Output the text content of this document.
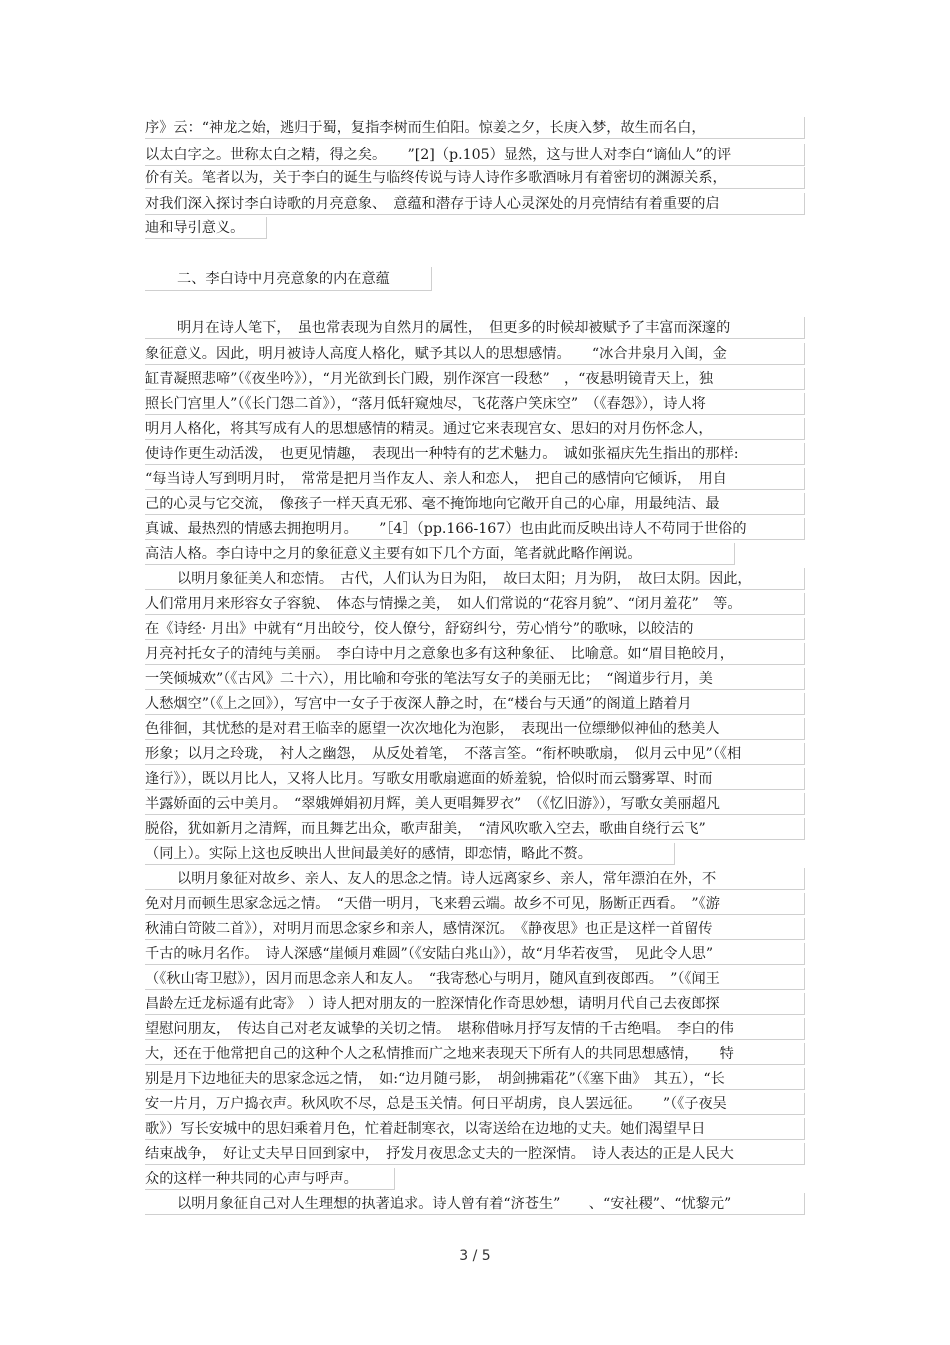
序》云：“神龙之始，逃归于蜀，复指李树而生伯阳。惊姜之夕，长庚入梦，故生而名白，
以太白字之。世称太白之精，得之矣。　　”[2]（p.105）显然，这与世人对李白“谪仙人”的评
价有关。笔者以为，关于李白的诞生与临终传说与诗人诗作多歌酒咏月有着密切的渊源关系，
对我们深入探讨李白诗歌的月亮意象、　意蕴和潜存于诗人心灵深处的月亮情结有着重要的启
迪和导引意义。
二、李白诗中月亮意象的内在意蕴
明月在诗人笔下，　虽也常表现为自然月的属性，　但更多的时候却被赋予了丰富而深邃的
象征意义。因此，明月被诗人高度人格化，赋予其以人的思想感情。　　“冰合井泉月入闺，金
缸青凝照悲啼”（《夜坐吟》），“月光欲到长门殿，别作深宫一段愁”　，“夜悬明镜青天上，独
照长门宫里人”（《长门怨二首》），“落月低轩窥烛尽，飞花落户笑床空”　（《春怨》），诗人将
明月人格化，将其写成有人的思想感情的精灵。通过它来表现宫女、思妇的对月伤怀念人，
使诗作更生动活泼，　也更见情趣，　表现出一种特有的艺术魅力。　诚如张福庆先生指出的那样:
“每当诗人写到明月时，　常常是把月当作友人、亲人和恋人，　把自己的感情向它倾诉，　用自
己的心灵与它交流，　像孩子一样天真无邪、毫不掩饰地向它敞开自己的心扉，用最纯洁、最
真诚、最热烈的情感去拥抱明月。　　”［4］（pp.166-167）也由此而反映出诗人不苟同于世俗的
高洁人格。李白诗中之月的象征意义主要有如下几个方面，笔者就此略作阐说。
以明月象征美人和恋情。　古代，人们认为日为阳，　故曰太阳；月为阴，　故曰太阴。因此，
人们常用月来形容女子容貌、　体态与情操之美，　如人们常说的“花容月貌”、“闭月羞花”　等。
在《诗经· 月出》中就有“月出皎兮，佼人僚兮，舒窈纠兮，劳心悄兮”的歌咏，以皎洁的
月亮衬托女子的清纯与美丽。　李白诗中月之意象也多有这种象征、　比喻意。如“眉目艳皎月，
一笑倾城欢”（《古风》二十六），用比喻和夸张的笔法写女子的美丽无比；　“阁道步行月，美
人愁烟空”（《上之回》），写宫中一女子于夜深人静之时，在“楼台与天通”的阁道上踏着月
色徘徊，其忧愁的是对君王临幸的愿望一次次地化为泡影，　表现出一位缥缈似神仙的愁美人
形象；以月之玲珑，　衬人之幽怨，　从反处着笔，　不落言筌。“衔杯映歌扇，　似月云中见”（《相
逢行》），既以月比人，又将人比月。写歌女用歌扇遮面的娇羞貌，恰似时而云翳雾罩、时而
半露娇面的云中美月。　“翠娥婵娟初月辉，美人更唱舞罗衣”　（《忆旧游》），写歌女美丽超凡
脱俗，犹如新月之清辉，而且舞艺出众，歌声甜美，　“清风吹歌入空去，歌曲自绕行云飞”
（同上）。实际上这也反映出人世间最美好的感情，即恋情，略此不赘。
以明月象征对故乡、亲人、友人的思念之情。诗人远离家乡、亲人，常年漂泊在外，不
免对月而顿生思家念远之情。　“天借一明月，飞来碧云端。故乡不可见，肠断正西看。　”《游
秋浦白笴陂二首》），对明月而思念家乡和亲人，感情深沉。　《静夜思》也正是这样一首留传
千古的咏月名作。　诗人深感“崖倾月难圆”（《安陆白兆山》），故“月华若夜雪，　见此令人思”
（《秋山寄卫慰》），因月而思念亲人和友人。　“我寄愁心与明月，随风直到夜郎西。　”（《闻王
昌龄左迁龙标遥有此寄》　）诗人把对朋友的一腔深情化作奇思妙想，请明月代自己去夜郎探
望慰问朋友，　传达自己对老友诚挚的关切之情。　堪称借咏月抒写友情的千古绝唱。　李白的伟
大，还在于他常把自己的这种个人之私情推而广之地来表现天下所有人的共同思想感情，　　特
别是月下边地征夫的思家念远之情，　如:“边月随弓影，　胡剑拂霜花”（《塞下曲》　其五），“长
安一片月，万户捣衣声。秋风吹不尽，总是玉关情。何日平胡虏，良人罢远征。　　”（《子夜吴
歌》）写长安城中的思妇乘着月色，忙着赶制寒衣，以寄送给在边地的丈夫。她们渴望早日
结束战争，　好让丈夫早日回到家中，　抒发月夜思念丈夫的一腔深情。　诗人表达的正是人民大
众的这样一种共同的心声与呼声。
以明月象征自己对人生理想的执著追求。诗人曾有着“济苍生”　　、“安社稷”、“忧黎元”
3 / 5
